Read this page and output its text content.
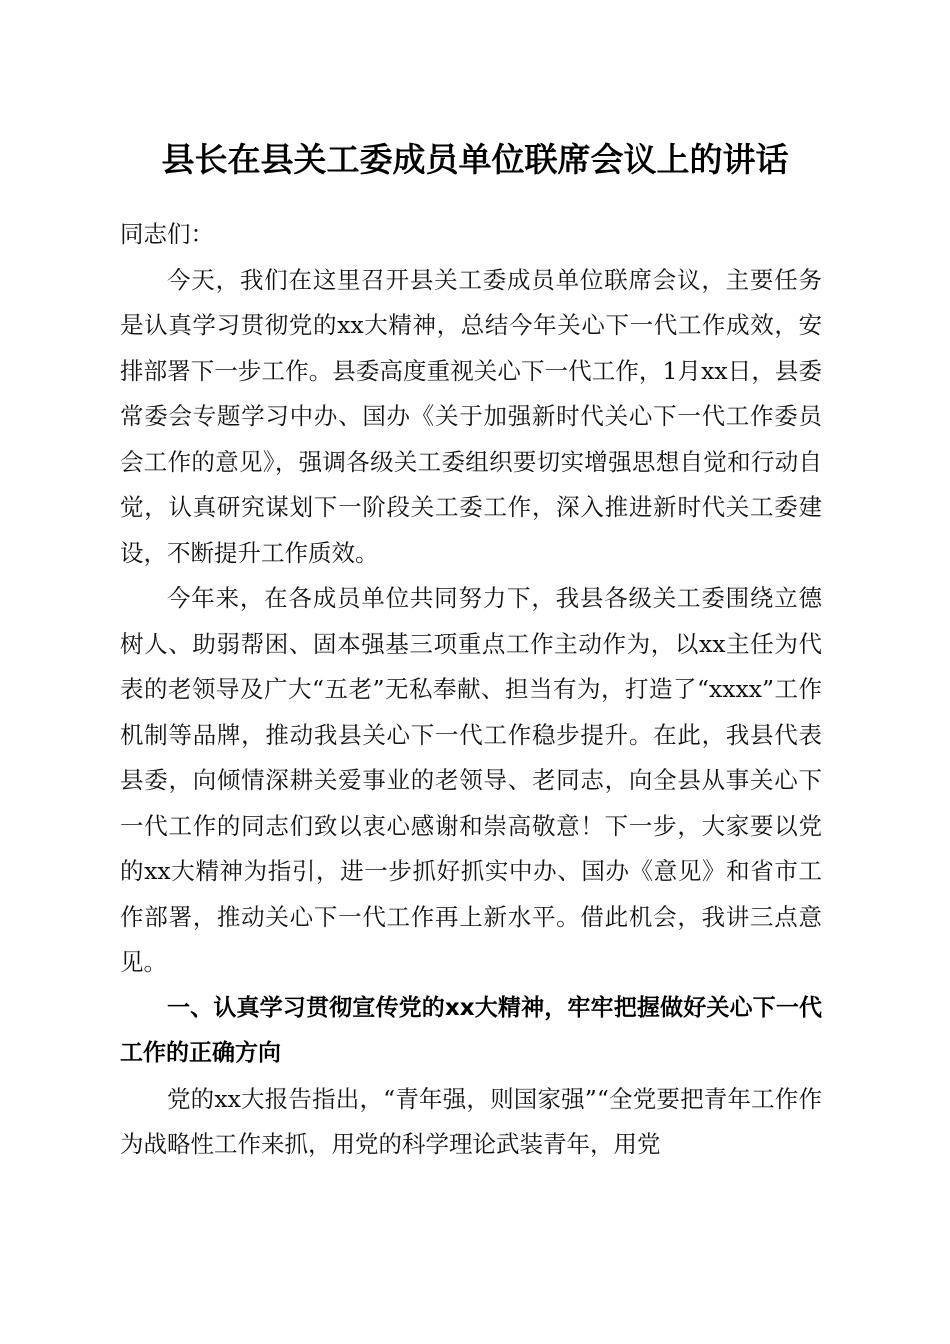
县长在县关工委成员单位联席会议上的讲话

同志们：

今天，我们在这里召开县关工委成员单位联席会议，主要任务是认真学习贯彻党的xx大精神，总结今年关心下一代工作成效，安排部署下一步工作。县委高度重视关心下一代工作，1月xx日，县委常委会专题学习中办、国办《关于加强新时代关心下一代工作委员会工作的意见》，强调各级关工委组织要切实增强思想自觉和行动自觉，认真研究谋划下一阶段关工委工作，深入推进新时代关工委建设，不断提升工作质效。

今年来，在各成员单位共同努力下，我县各级关工委围绕立德树人、助弱帮困、固本强基三项重点工作主动作为，以xx主任为代表的老领导及广大“五老”无私奉献、担当有为，打造了“xxxx”工作机制等品牌，推动我县关心下一代工作稳步提升。在此，我县代表县委，向倾情深耕关爱事业的老领导、老同志，向全县从事关心下一代工作的同志们致以衷心感谢和崇高敬意！下一步，大家要以党的xx大精神为指引，进一步抓好抓实中办、国办《意见》和省市工作部署，推动关心下一代工作再上新水平。借此机会，我讲三点意见。

一、认真学习贯彻宣传党的xx大精神，牢牢把握做好关心下一代工作的正确方向

党的xx大报告指出，“青年强，则国家强”“全党要把青年工作作为战略性工作来抓，用党的科学理论武装青年，用党
